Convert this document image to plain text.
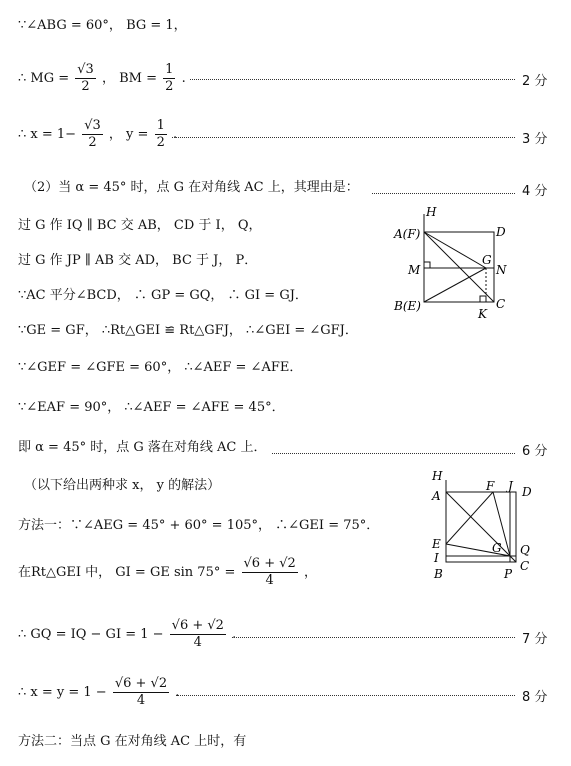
∵∠ABG = 60°， BG = 1，
∴ MG = $\frac{√3}{2}$ ， BM = $\frac{1}{2}$ .	2 分
∴ $x = 1- \frac{√3}{2}$ ， $y = \frac{1}{2}$ .	3 分
（2）当 α = 45° 时，点 G 在对角线 AC 上，其理由是：	4 分
过 G 作 IQ ∥ BC 交 AB， CD 于 I， Q，
过 G 作 JP ∥ AB 交 AD， BC 于 J， P．
∵AC 平分∠BCD， ∴ GP = GQ， ∴ GI = GJ．
∵GE = GF， ∴Rt△GEI ≌ Rt△GFJ， ∴∠GEI = ∠GFJ．
∵∠GEF = ∠GFE = 60°， ∴∠AEF = ∠AFE．
∵∠EAF = 90°， ∴∠AEF = ∠AFE = 45°．
即 α = 45° 时，点 G 落在对角线 AC 上．	6 分
（以下给出两种求 x， y 的解法）
方法一：∵∠AEG = 45° + 60° = 105°， ∴∠GEI = 75°．
在Rt△GEI 中， GI = GE $\sin 75^\circ = \frac{√6 + √2}{4}$ ，
∴ GQ = IQ − GI = $1 - \frac{√6 + √2}{4}$ .	7 分
∴ $x = y = 1 - \frac{√6 + √2}{4}$ .	8 分
方法二：当点 G 在对角线 AC 上时，有
H
A(F)	D
M
G
N
B(E)	C
K
H
A
F J D
E
I
G Q
B	P
C
